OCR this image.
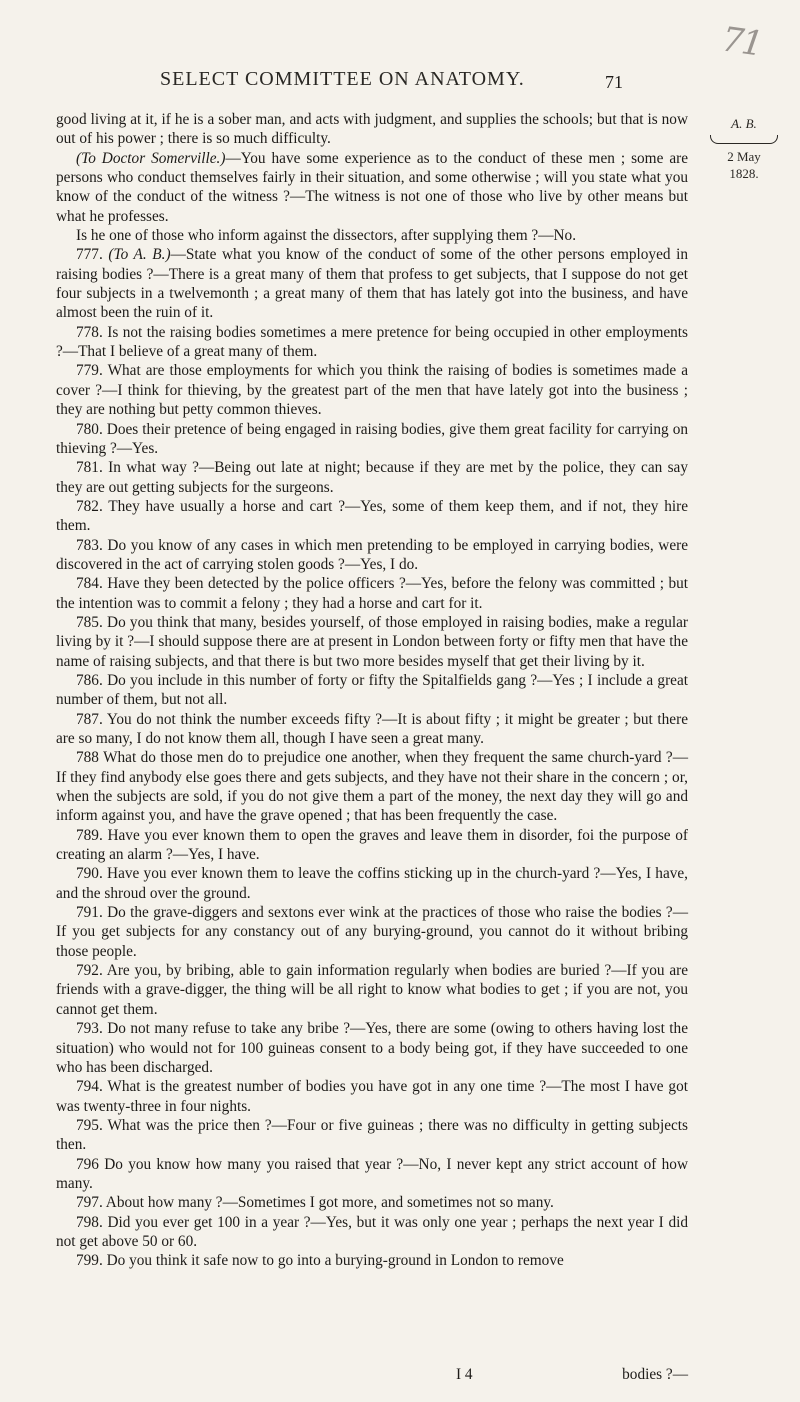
71
SELECT COMMITTEE ON ANATOMY.	71
A. B.
2 May
1828.

good living at it, if he is a sober man, and acts with judgment, and supplies the schools; but that is now out of his power ; there is so much difficulty.

(To Doctor Somerville.)—You have some experience as to the conduct of these men ; some are persons who conduct themselves fairly in their situation, and some otherwise ; will you state what you know of the conduct of the witness ?—The witness is not one of those who live by other means but what he professes.

Is he one of those who inform against the dissectors, after supplying them ?—No.

777. (To A. B.)—State what you know of the conduct of some of the other persons employed in raising bodies ?—There is a great many of them that profess to get subjects, that I suppose do not get four subjects in a twelvemonth ; a great many of them that has lately got into the business, and have almost been the ruin of it.

778. Is not the raising bodies sometimes a mere pretence for being occupied in other employments ?—That I believe of a great many of them.

779. What are those employments for which you think the raising of bodies is sometimes made a cover ?—I think for thieving, by the greatest part of the men that have lately got into the business ; they are nothing but petty common thieves.

780. Does their pretence of being engaged in raising bodies, give them great facility for carrying on thieving ?—Yes.

781. In what way ?—Being out late at night; because if they are met by the police, they can say they are out getting subjects for the surgeons.

782. They have usually a horse and cart ?—Yes, some of them keep them, and if not, they hire them.

783. Do you know of any cases in which men pretending to be employed in carrying bodies, were discovered in the act of carrying stolen goods ?—Yes, I do.

784. Have they been detected by the police officers ?—Yes, before the felony was committed ; but the intention was to commit a felony ; they had a horse and cart for it.

785. Do you think that many, besides yourself, of those employed in raising bodies, make a regular living by it ?—I should suppose there are at present in London between forty or fifty men that have the name of raising subjects, and that there is but two more besides myself that get their living by it.

786. Do you include in this number of forty or fifty the Spitalfields gang ?—Yes ; I include a great number of them, but not all.

787. You do not think the number exceeds fifty ?—It is about fifty ; it might be greater ; but there are so many, I do not know them all, though I have seen a great many.

788 What do those men do to prejudice one another, when they frequent the same church-yard ?—If they find anybody else goes there and gets subjects, and they have not their share in the concern ; or, when the subjects are sold, if you do not give them a part of the money, the next day they will go and inform against you, and have the grave opened ; that has been frequently the case.

789. Have you ever known them to open the graves and leave them in disorder, foi the purpose of creating an alarm ?—Yes, I have.

790. Have you ever known them to leave the coffins sticking up in the church-yard ?—Yes, I have, and the shroud over the ground.

791. Do the grave-diggers and sextons ever wink at the practices of those who raise the bodies ?—If you get subjects for any constancy out of any burying-ground, you cannot do it without bribing those people.

792. Are you, by bribing, able to gain information regularly when bodies are buried ?—If you are friends with a grave-digger, the thing will be all right to know what bodies to get ; if you are not, you cannot get them.

793. Do not many refuse to take any bribe ?—Yes, there are some (owing to others having lost the situation) who would not for 100 guineas consent to a body being got, if they have succeeded to one who has been discharged.

794. What is the greatest number of bodies you have got in any one time ?—The most I have got was twenty-three in four nights.

795. What was the price then ?—Four or five guineas ; there was no difficulty in getting subjects then.

796 Do you know how many you raised that year ?—No, I never kept any strict account of how many.

797. About how many ?—Sometimes I got more, and sometimes not so many.

798. Did you ever get 100 in a year ?—Yes, but it was only one year ; perhaps the next year I did not get above 50 or 60.

799. Do you think it safe now to go into a burying-ground in London to remove

I 4	bodies ?—
